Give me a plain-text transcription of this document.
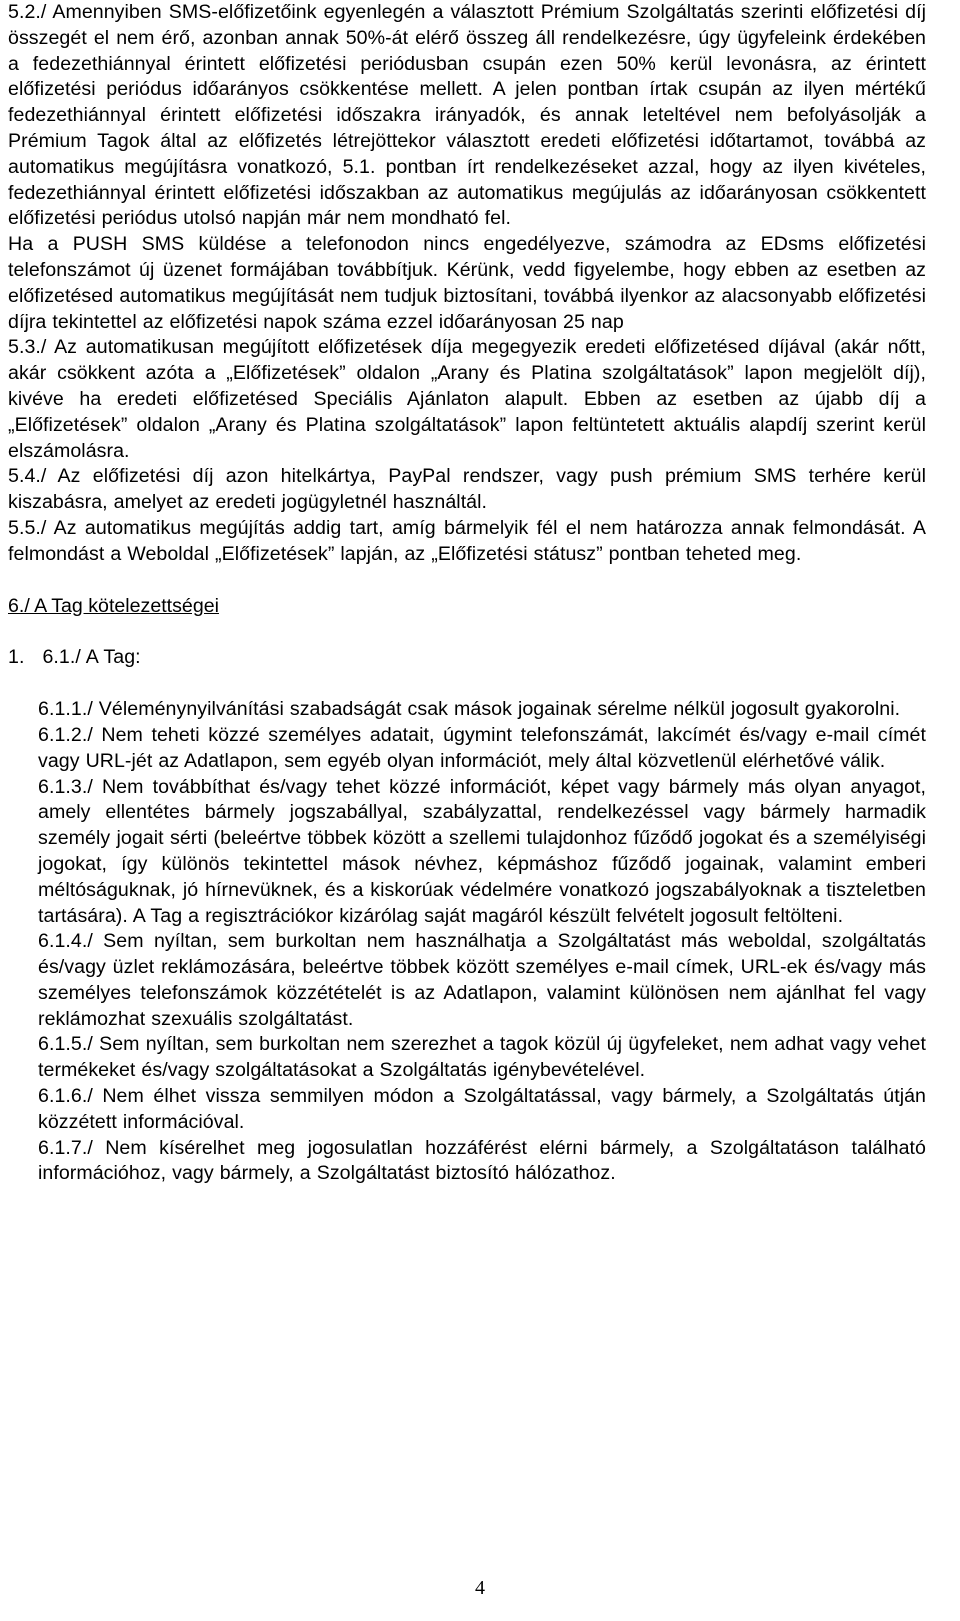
5.2./ Amennyiben SMS-előfizetőink egyenlegén a választott Prémium Szolgáltatás szerinti előfizetési díj összegét el nem érő, azonban annak 50%-át elérő összeg áll rendelkezésre, úgy ügyfeleink érdekében a fedezethiánnyal érintett előfizetési periódusban csupán ezen 50% kerül levonásra, az érintett előfizetési periódus időarányos csökkentése mellett. A jelen pontban írtak csupán az ilyen mértékű fedezethiánnyal érintett előfizetési időszakra irányadók, és annak leteltével nem befolyásolják a Prémium Tagok által az előfizetés létrejöttekor választott eredeti előfizetési időtartamot, továbbá az automatikus megújításra vonatkozó, 5.1. pontban írt rendelkezéseket azzal, hogy az ilyen kivételes, fedezethiánnyal érintett előfizetési időszakban az automatikus megújulás az időarányosan csökkentett előfizetési periódus utolsó napján már nem mondható fel.

Ha a PUSH SMS küldése a telefonodon nincs engedélyezve, számodra az EDsms előfizetési telefonszámot új üzenet formájában továbbítjuk. Kérünk, vedd figyelembe, hogy ebben az esetben az előfizetésed automatikus megújítását nem tudjuk biztosítani, továbbá ilyenkor az alacsonyabb előfizetési díjra tekintettel az előfizetési napok száma ezzel időarányosan 25 nap

5.3./ Az automatikusan megújított előfizetések díja megegyezik eredeti előfizetésed díjával (akár nőtt, akár csökkent azóta a „Előfizetések” oldalon „Arany és Platina szolgáltatások” lapon megjelölt díj), kivéve ha eredeti előfizetésed Speciális Ajánlaton alapult. Ebben az esetben az újabb díj a „Előfizetések” oldalon „Arany és Platina szolgáltatások” lapon feltüntetett aktuális alapdíj szerint kerül elszámolásra.

5.4./ Az előfizetési díj azon hitelkártya, PayPal rendszer, vagy push prémium SMS terhére kerül kiszabásra, amelyet az eredeti jogügyletnél használtál.

5.5./ Az automatikus megújítás addig tart, amíg bármelyik fél el nem határozza annak felmondását. A felmondást a Weboldal „Előfizetések” lapján, az „Előfizetési státusz” pontban teheted meg.

6./ A Tag kötelezettségei

1. 6.1./ A Tag:

6.1.1./ Véleménynyilvánítási szabadságát csak mások jogainak sérelme nélkül jogosult gyakorolni.

6.1.2./ Nem teheti közzé személyes adatait, úgymint telefonszámát, lakcímét és/vagy e-mail címét vagy URL-jét az Adatlapon, sem egyéb olyan információt, mely által közvetlenül elérhetővé válik.

6.1.3./ Nem továbbíthat és/vagy tehet közzé információt, képet vagy bármely más olyan anyagot, amely ellentétes bármely jogszabállyal, szabályzattal, rendelkezéssel vagy bármely harmadik személy jogait sérti (beleértve többek között a szellemi tulajdonhoz fűződő jogokat és a személyiségi jogokat, így különös tekintettel mások névhez, képmáshoz fűződő jogainak, valamint emberi méltóságuknak, jó hírnevüknek, és a kiskorúak védelmére vonatkozó jogszabályoknak a tiszteletben tartására). A Tag a regisztrációkor kizárólag saját magáról készült felvételt jogosult feltölteni.

6.1.4./ Sem nyíltan, sem burkoltan nem használhatja a Szolgáltatást más weboldal, szolgáltatás és/vagy üzlet reklámozására, beleértve többek között személyes e-mail címek, URL-ek és/vagy más személyes telefonszámok közzétételét is az Adatlapon, valamint különösen nem ajánlhat fel vagy reklámozhat szexuális szolgáltatást.

6.1.5./ Sem nyíltan, sem burkoltan nem szerezhet a tagok közül új ügyfeleket, nem adhat vagy vehet termékeket és/vagy szolgáltatásokat a Szolgáltatás igénybevételével.

6.1.6./ Nem élhet vissza semmilyen módon a Szolgáltatással, vagy bármely, a Szolgáltatás útján közzétett információval.

6.1.7./ Nem kísérelhet meg jogosulatlan hozzáférést elérni bármely, a Szolgáltatáson található információhoz, vagy bármely, a Szolgáltatást biztosító hálózathoz.

4
